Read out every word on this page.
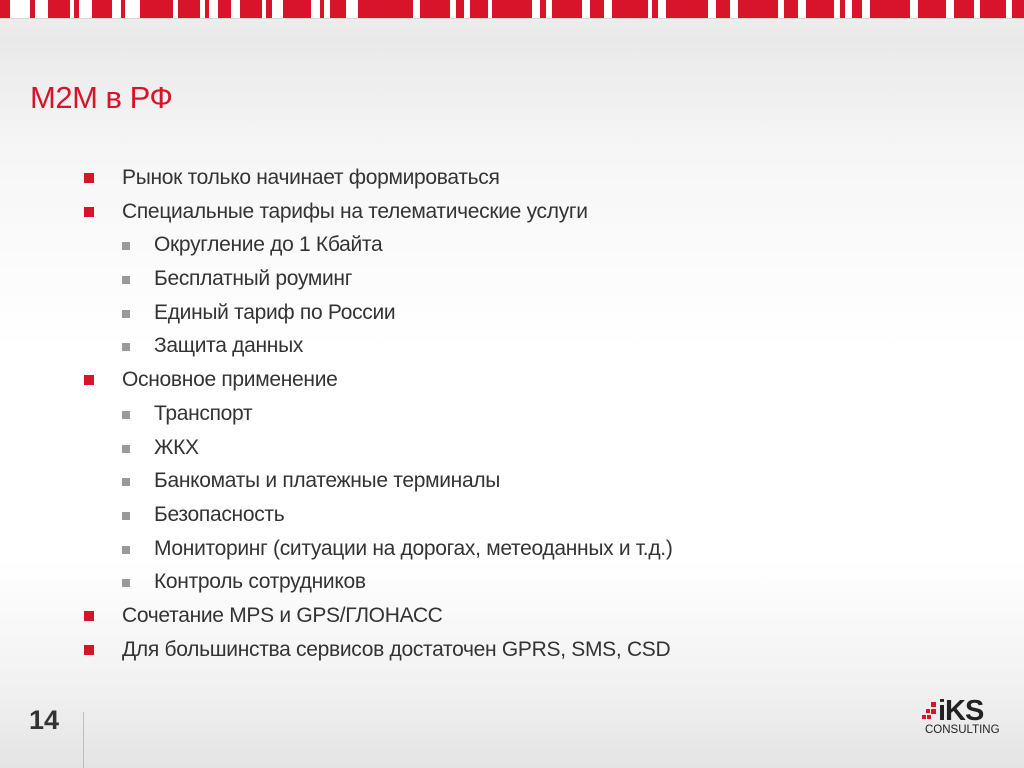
M2M в РФ
Рынок только начинает формироваться
Специальные тарифы на телематические услуги
Округление до 1 Кбайта
Бесплатный роуминг
Единый тариф по России
Защита данных
Основное применение
Транспорт
ЖКХ
Банкоматы и платежные терминалы
Безопасность
Мониторинг (ситуации на дорогах, метеоданных и т.д.)
Контроль сотрудников
Сочетание MPS и GPS/ГЛОНАСС
Для большинства сервисов достаточен GPRS, SMS, CSD
14	iKS
CONSULTING
